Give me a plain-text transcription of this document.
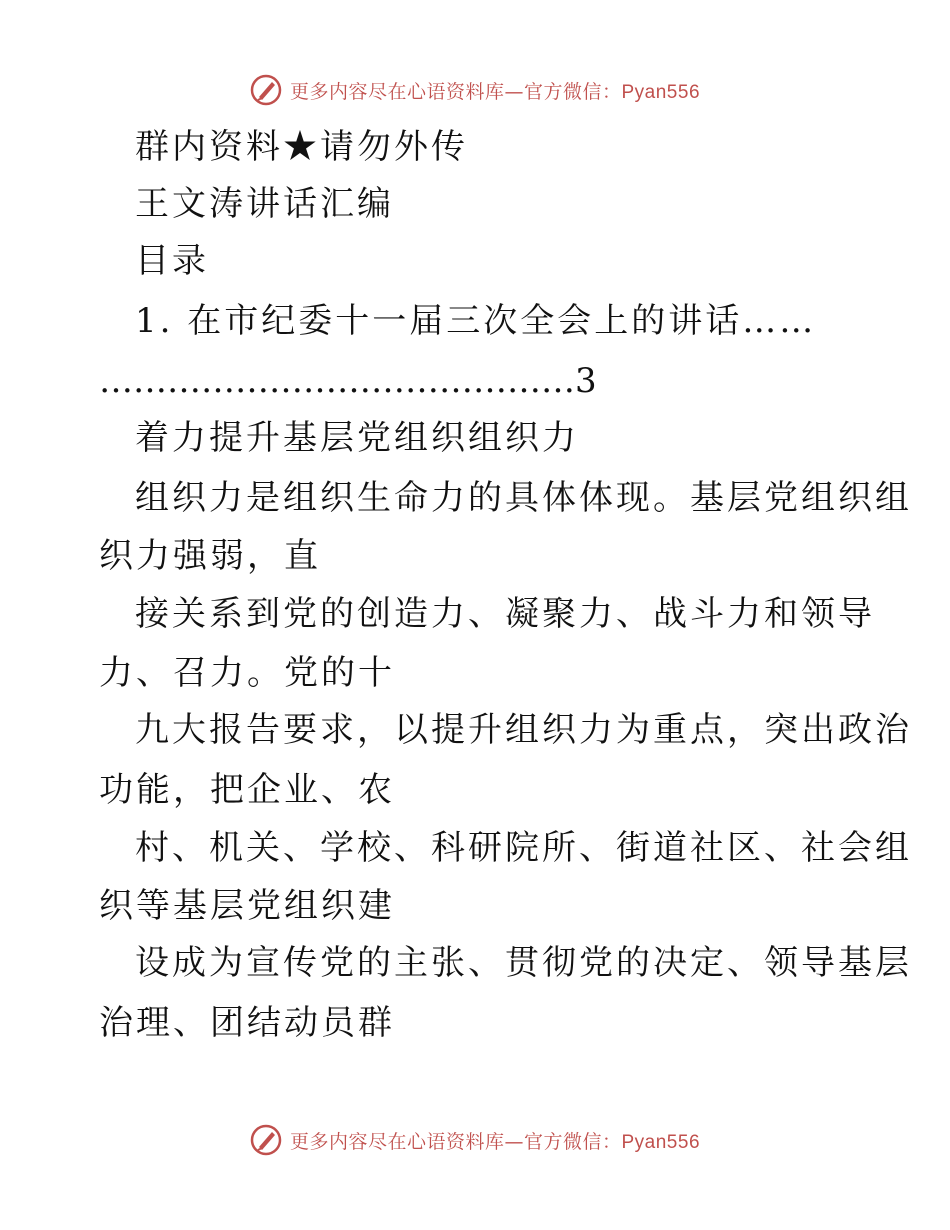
更多内容尽在心语资料库—官方微信：Pyan556
群内资料★请勿外传
王文涛讲话汇编
目录
1. 在市纪委十一届三次全会上的讲话……
……………………………………3
着力提升基层党组织组织力
组织力是组织生命力的具体体现。基层党组织组
织力强弱，直
接关系到党的创造力、凝聚力、战斗力和领导
力、召力。党的十
九大报告要求，以提升组织力为重点，突出政治
功能，把企业、农
村、机关、学校、科研院所、街道社区、社会组
织等基层党组织建
设成为宣传党的主张、贯彻党的决定、领导基层
治理、团结动员群
更多内容尽在心语资料库—官方微信：Pyan556
